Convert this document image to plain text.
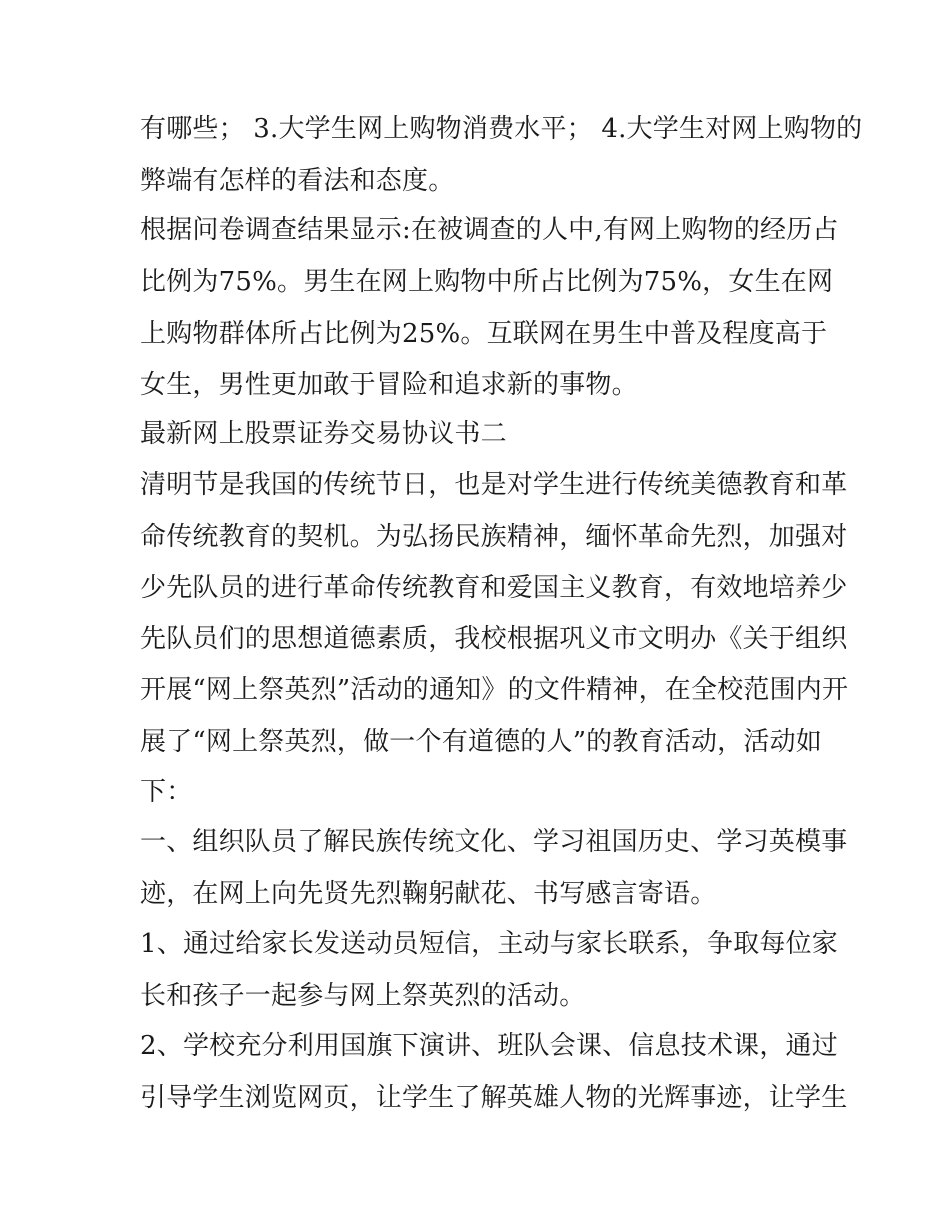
有哪些； 3.大学生网上购物消费水平； 4.大学生对网上购物的
弊端有怎样的看法和态度。
根据问卷调查结果显示:在被调查的人中,有网上购物的经历占
比例为75%。男生在网上购物中所占比例为75%，女生在网
上购物群体所占比例为25%。互联网在男生中普及程度高于
女生，男性更加敢于冒险和追求新的事物。
最新网上股票证券交易协议书二
清明节是我国的传统节日，也是对学生进行传统美德教育和革
命传统教育的契机。为弘扬民族精神，缅怀革命先烈，加强对
少先队员的进行革命传统教育和爱国主义教育，有效地培养少
先队员们的思想道德素质，我校根据巩义市文明办《关于组织
开展“网上祭英烈”活动的通知》的文件精神，在全校范围内开
展了“网上祭英烈，做一个有道德的人”的教育活动，活动如
下：
一、组织队员了解民族传统文化、学习祖国历史、学习英模事
迹，在网上向先贤先烈鞠躬献花、书写感言寄语。
1、通过给家长发送动员短信，主动与家长联系，争取每位家
长和孩子一起参与网上祭英烈的活动。
2、学校充分利用国旗下演讲、班队会课、信息技术课，通过
引导学生浏览网页，让学生了解英雄人物的光辉事迹，让学生
